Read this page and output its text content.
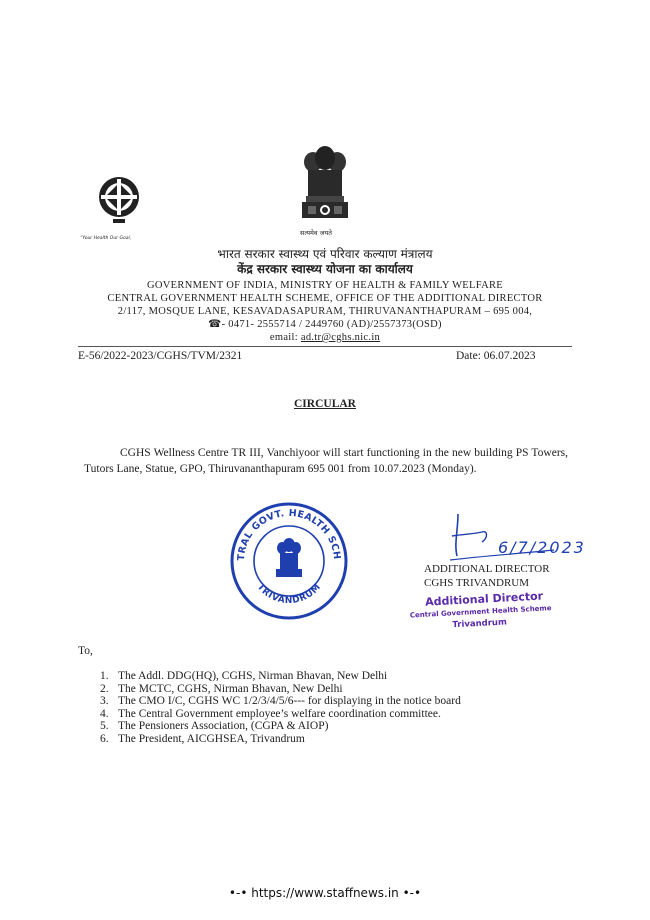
“Your Health Our Goal,
सत्यमेव जयते
भारत सरकार स्वास्थ्य एवं परिवार कल्याण मंत्रालय
केंद्र सरकार स्वास्थ्य योजना का कार्यालय
GOVERNMENT OF INDIA, MINISTRY OF HEALTH & FAMILY WELFARE
CENTRAL GOVERNMENT HEALTH SCHEME, OFFICE OF THE ADDITIONAL DIRECTOR
2/117, MOSQUE LANE, KESAVADASAPURAM, THIRUVANANTHAPURAM – 695 004,
☎- 0471- 2555714 / 2449760 (AD)/2557373(OSD)
email: ad.tr@cghs.nic.in
E-56/2022-2023/CGHS/TVM/2321	Date: 06.07.2023
CIRCULAR
CGHS Wellness Centre TR III, Vanchiyoor will start functioning in the new building PS Towers, Tutors Lane, Statue, GPO, Thiruvananthapuram 695 001 from 10.07.2023 (Monday).
TRAL GOVT. HEALTH SCH
TRIVANDRUM
6/7/2023
ADDITIONAL DIRECTOR
CGHS TRIVANDRUM
Additional Director
Central Government Health Scheme
Trivandrum
To,
1. The Addl. DDG(HQ), CGHS, Nirman Bhavan, New Delhi
2. The MCTC, CGHS, Nirman Bhavan, New Delhi
3. The CMO I/C, CGHS WC 1/2/3/4/5/6--- for displaying in the notice board
4. The Central Government employee’s welfare coordination committee.
5. The Pensioners Association, (CGPA & AIOP)
6. The President, AICGHSEA, Trivandrum
•-• https://www.staffnews.in •-•
